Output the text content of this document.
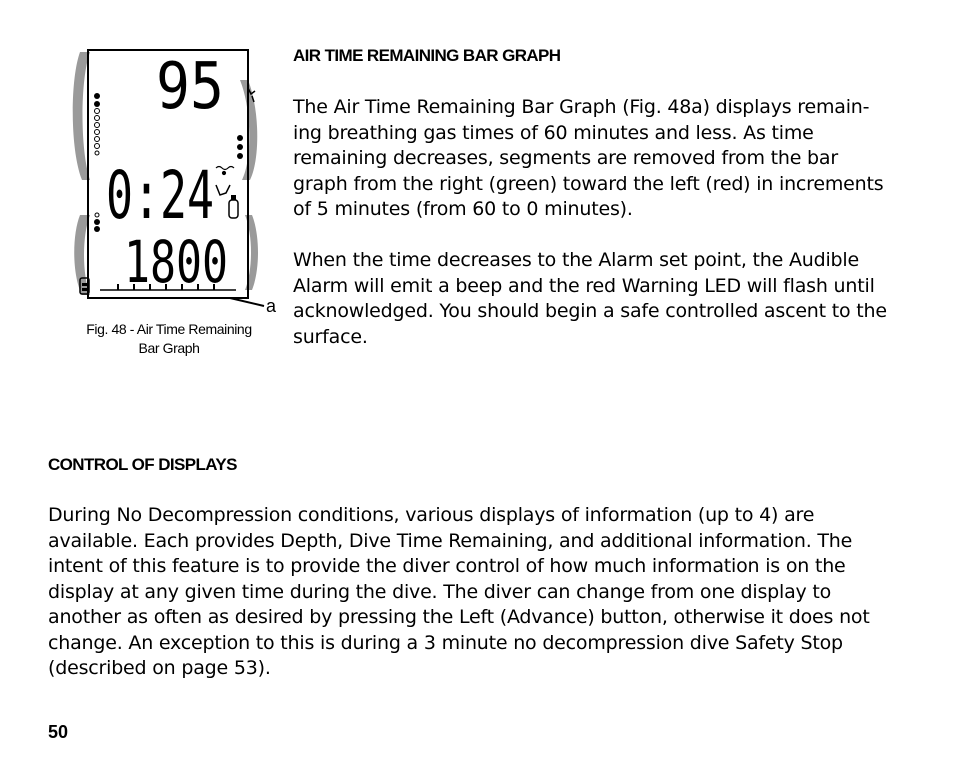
AIR TIME REMAINING BAR GRAPH

The Air Time Remaining Bar Graph (Fig. 48a) displays remain-ing breathing gas times of 60 minutes and less. As time remaining decreases, segments are removed from the bar graph from the right (green) toward the left (red) in increments of 5 minutes (from 60 to 0 minutes).

When the time decreases to the Alarm set point, the Audible Alarm will emit a beep and the red Warning LED will flash until acknowledged. You should begin a safe controlled ascent to the surface.

95
0:24
1800
a
Fig. 48 - Air Time Remaining
Bar Graph
CONTROL OF DISPLAYS

During No Decompression conditions, various displays of information (up to 4) are available. Each provides Depth, Dive Time Remaining, and additional information. The intent of this feature is to provide the diver control of how much information is on the display at any given time during the dive. The diver can change from one display to another as often as desired by pressing the Left (Advance) button, otherwise it does not change. An exception to this is during a 3 minute no decompression dive Safety Stop (described on page 53).

50
